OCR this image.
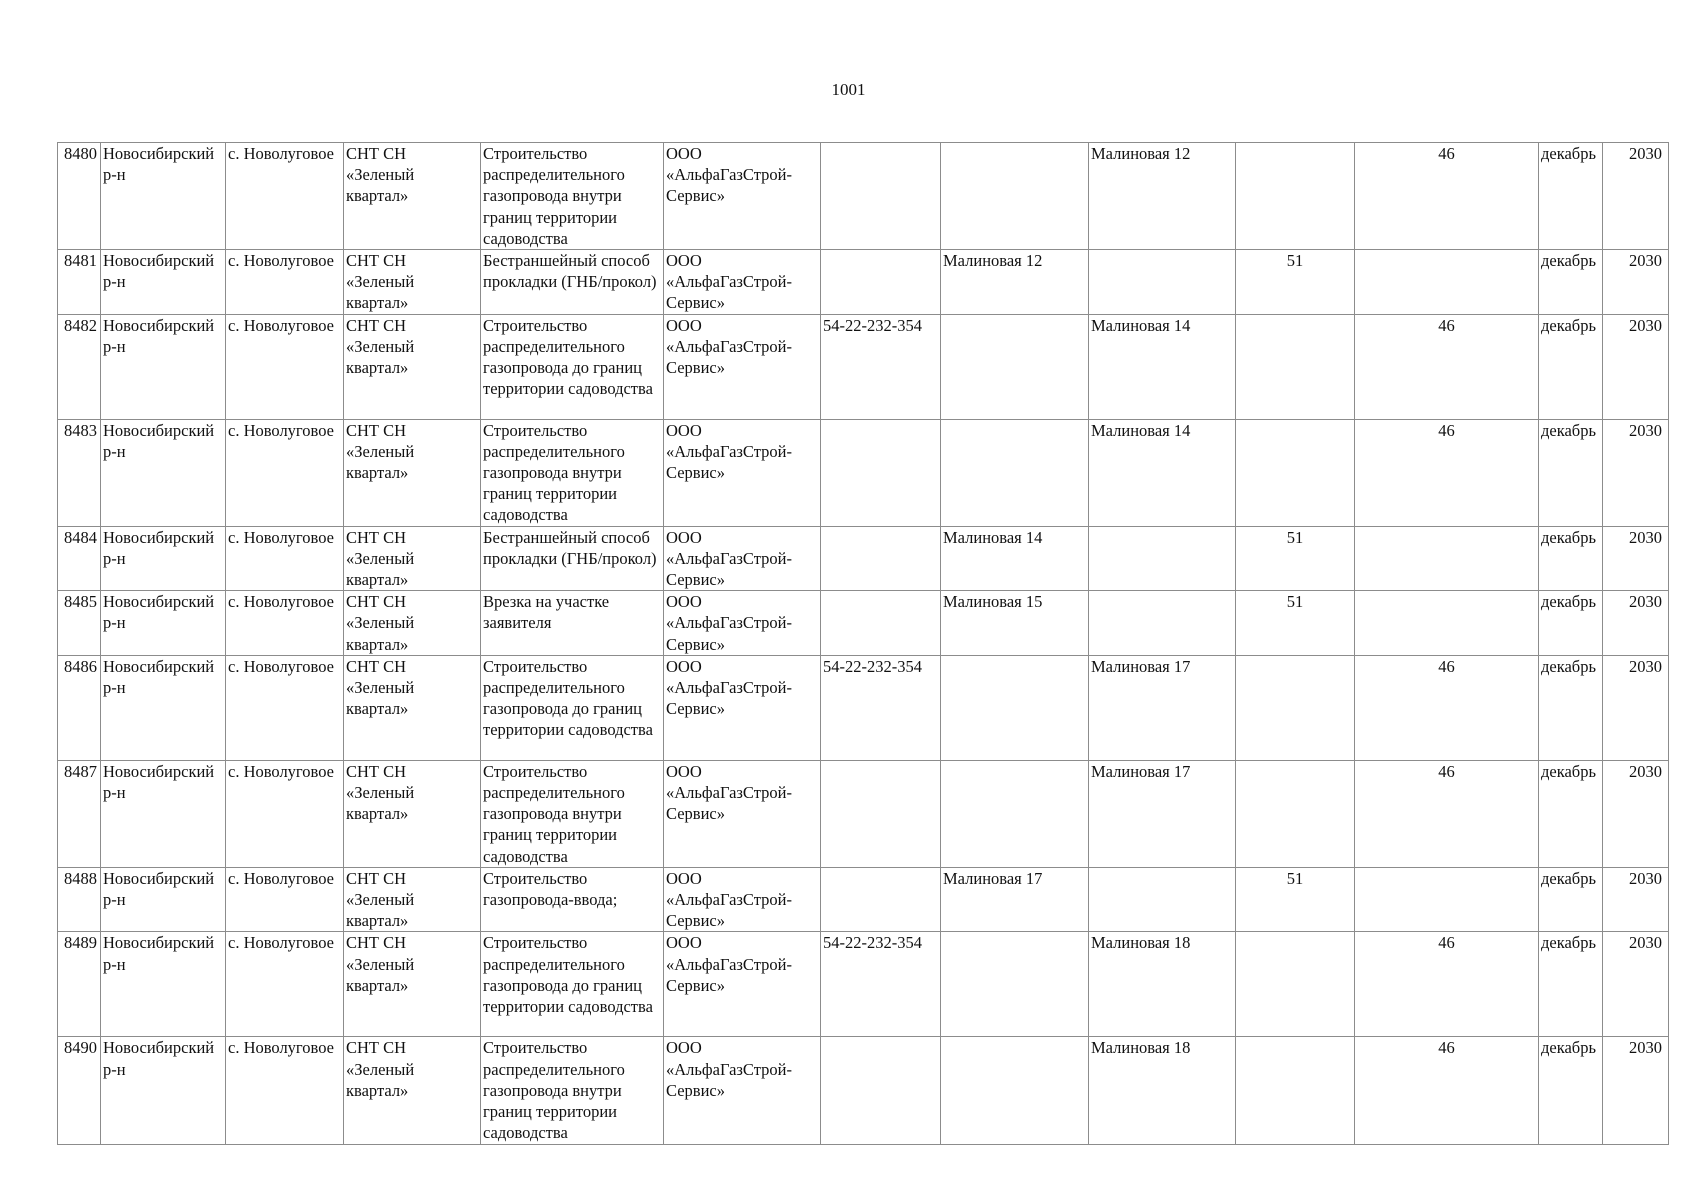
1001
8480	Новосибирский р-н	с. Новолуговое	СНТ СН «Зеленый квартал»	Строительство распределительного газопровода внутри границ территории садоводства	ООО «АльфаГазСтрой-Сервис»			Малиновая 12		46	декабрь	2030
8481	Новосибирский р-н	с. Новолуговое	СНТ СН «Зеленый квартал»	Бестраншейный способ прокладки (ГНБ/прокол)	ООО «АльфаГазСтрой-Сервис»		Малиновая 12		51		декабрь	2030
8482	Новосибирский р-н	с. Новолуговое	СНТ СН «Зеленый квартал»	Строительство распределительного газопровода до границ территории садоводства	ООО «АльфаГазСтрой-Сервис»	54-22-232-354		Малиновая 14		46	декабрь	2030
8483	Новосибирский р-н	с. Новолуговое	СНТ СН «Зеленый квартал»	Строительство распределительного газопровода внутри границ территории садоводства	ООО «АльфаГазСтрой-Сервис»			Малиновая 14		46	декабрь	2030
8484	Новосибирский р-н	с. Новолуговое	СНТ СН «Зеленый квартал»	Бестраншейный способ прокладки (ГНБ/прокол)	ООО «АльфаГазСтрой-Сервис»		Малиновая 14		51		декабрь	2030
8485	Новосибирский р-н	с. Новолуговое	СНТ СН «Зеленый квартал»	Врезка на участке заявителя	ООО «АльфаГазСтрой-Сервис»		Малиновая 15		51		декабрь	2030
8486	Новосибирский р-н	с. Новолуговое	СНТ СН «Зеленый квартал»	Строительство распределительного газопровода до границ территории садоводства	ООО «АльфаГазСтрой-Сервис»	54-22-232-354		Малиновая 17		46	декабрь	2030
8487	Новосибирский р-н	с. Новолуговое	СНТ СН «Зеленый квартал»	Строительство распределительного газопровода внутри границ территории садоводства	ООО «АльфаГазСтрой-Сервис»			Малиновая 17		46	декабрь	2030
8488	Новосибирский р-н	с. Новолуговое	СНТ СН «Зеленый квартал»	Строительство газопровода-ввода;	ООО «АльфаГазСтрой-Сервис»		Малиновая 17		51		декабрь	2030
8489	Новосибирский р-н	с. Новолуговое	СНТ СН «Зеленый квартал»	Строительство распределительного газопровода до границ территории садоводства	ООО «АльфаГазСтрой-Сервис»	54-22-232-354		Малиновая 18		46	декабрь	2030
8490	Новосибирский р-н	с. Новолуговое	СНТ СН «Зеленый квартал»	Строительство распределительного газопровода внутри границ территории садоводства	ООО «АльфаГазСтрой-Сервис»			Малиновая 18		46	декабрь	2030
